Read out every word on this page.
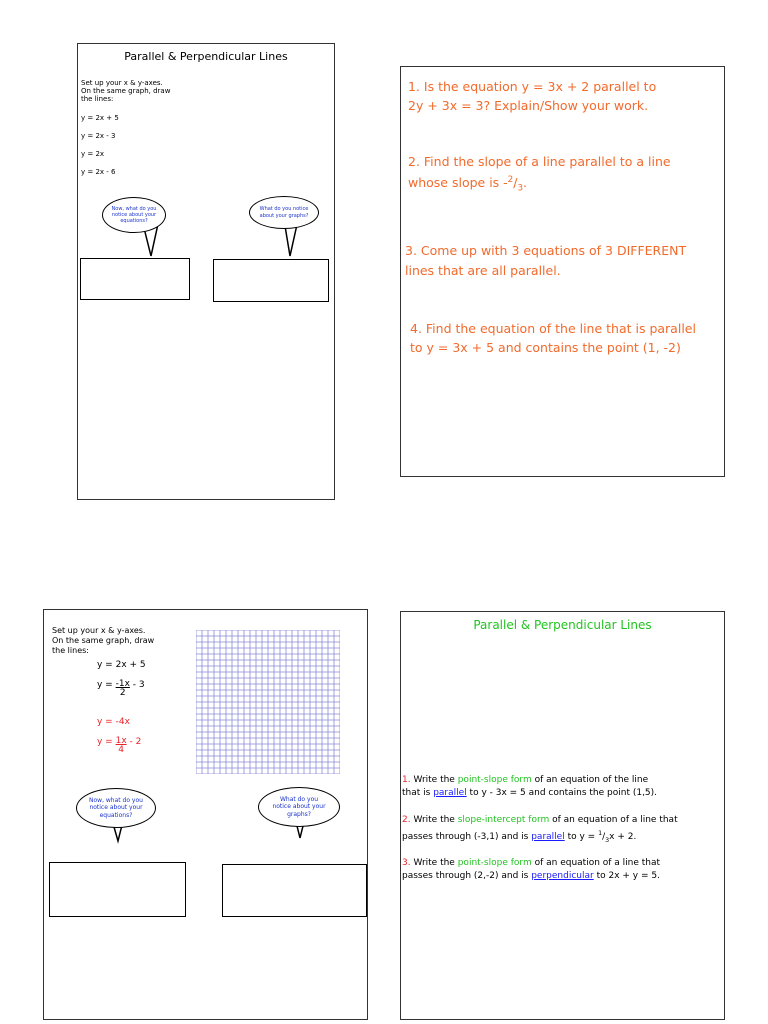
Parallel & Perpendicular Lines
Set up your x & y-axes.
On the same graph, draw
the lines:
y = 2x + 5
y = 2x - 3
y = 2x
y = 2x - 6
Now, what do you notice about your equations?
What do you notice about your graphs?
1. Is the equation y = 3x + 2 parallel to
2y + 3x = 3? Explain/Show your work.
2. Find the slope of a line parallel to a line
whose slope is $-^2/_3$.
3. Come up with 3 equations of 3 DIFFERENT
lines that are all parallel.
4. Find the equation of the line that is parallel
to y = 3x + 5 and contains the point (1, -2)
Set up your x & y-axes.
On the same graph, draw
the lines:
y = 2x + 5
$y = \frac{-1x}{2} - 3$
y = -4x
$y = \frac{1x}{4} - 2$
Now, what do you notice about your equations?
What do you notice about your graphs?
Parallel & Perpendicular Lines
1. Write the point-slope form of an equation of the line
that is parallel to y - 3x = 5 and contains the point (1,5).
2. Write the slope-intercept form of an equation of a line that
passes through (-3,1) and is parallel to $y = ^1/_3x + 2$.
3. Write the point-slope form of an equation of a line that
passes through (2,-2) and is perpendicular to 2x + y = 5.
